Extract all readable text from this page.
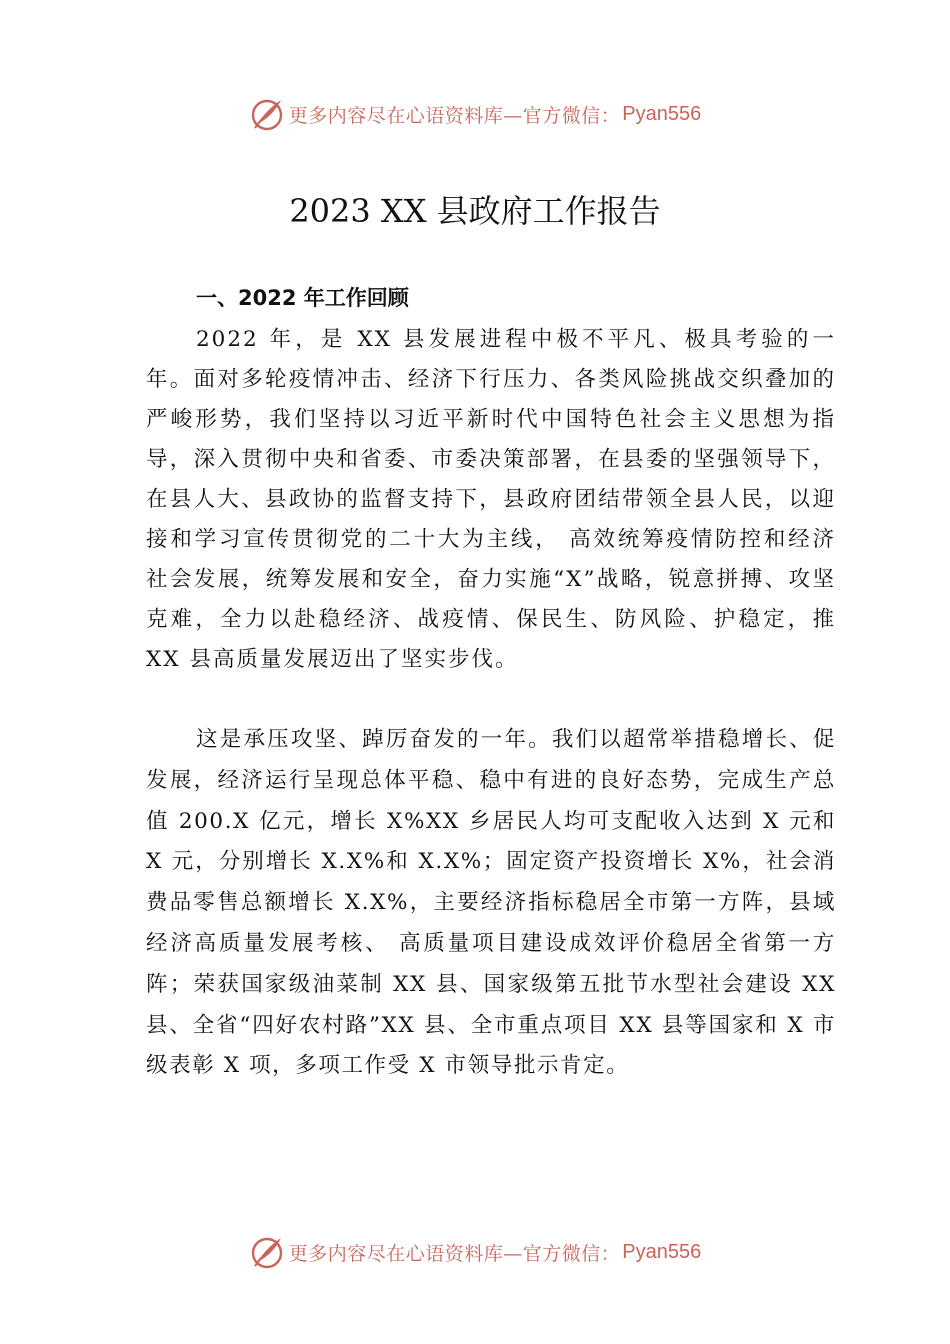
更多内容尽在心语资料库—官方微信： Pyan556
2023 XX 县政府工作报告
一、2022 年工作回顾

2022 年，是 XX 县发展进程中极不平凡、极具考验的一年。面对多轮疫情冲击、经济下行压力、各类风险挑战交织叠加的严峻形势，我们坚持以习近平新时代中国特色社会主义思想为指导，深入贯彻中央和省委、市委决策部署，在县委的坚强领导下，在县人大、县政协的监督支持下，县政府团结带领全县人民，以迎接和学习宣传贯彻党的二十大为主线， 高效统筹疫情防控和经济社会发展，统筹发展和安全，奋力实施“X”战略，锐意拼搏、攻坚克难，全力以赴稳经济、战疫情、保民生、防风险、护稳定，推 XX 县高质量发展迈出了坚实步伐。

这是承压攻坚、踔厉奋发的一年。我们以超常举措稳增长、促发展，经济运行呈现总体平稳、稳中有进的良好态势，完成生产总值 200.X 亿元，增长 X%XX 乡居民人均可支配收入达到 X 元和 X 元，分别增长 X.X%和 X.X%；固定资产投资增长 X%，社会消费品零售总额增长 X.X%，主要经济指标稳居全市第一方阵，县域经济高质量发展考核、 高质量项目建设成效评价稳居全省第一方阵；荣获国家级油菜制 XX 县、国家级第五批节水型社会建设 XX 县、全省“四好农村路”XX 县、全市重点项目 XX 县等国家和 X 市级表彰 X 项，多项工作受 X 市领导批示肯定。

更多内容尽在心语资料库—官方微信： Pyan556
